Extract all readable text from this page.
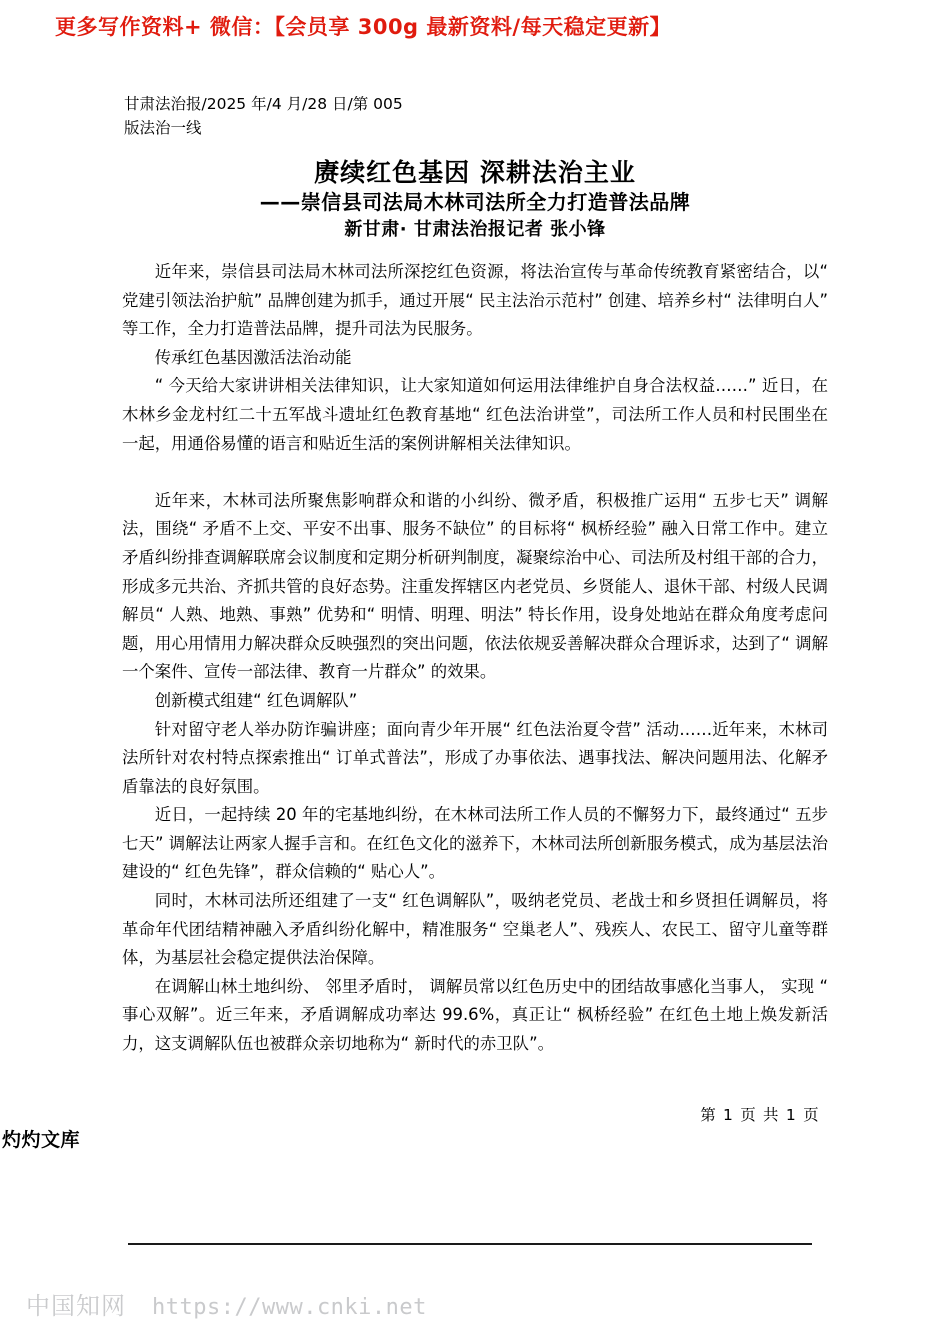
更多写作资料+ 微信：【会员享 300g 最新资料/每天稳定更新】
甘肃法治报/2025 年/4 月/28 日/第 005
版法治一线
赓续红色基因 深耕法治主业
——崇信县司法局木林司法所全力打造普法品牌
新甘肃· 甘肃法治报记者 张小锋

近年来，崇信县司法局木林司法所深挖红色资源，将法治宣传与革命传统教育紧密结合，以“ 党建引领法治护航” 品牌创建为抓手，通过开展“ 民主法治示范村” 创建、培养乡村“ 法律明白人” 等工作，全力打造普法品牌，提升司法为民服务。

传承红色基因激活法治动能

“ 今天给大家讲讲相关法律知识，让大家知道如何运用法律维护自身合法权益……” 近日，在木林乡金龙村红二十五军战斗遗址红色教育基地“ 红色法治讲堂”，司法所工作人员和村民围坐在一起，用通俗易懂的语言和贴近生活的案例讲解相关法律知识。

近年来，木林司法所聚焦影响群众和谐的小纠纷、微矛盾，积极推广运用“ 五步七天” 调解法，围绕“ 矛盾不上交、平安不出事、服务不缺位” 的目标将“ 枫桥经验” 融入日常工作中。建立矛盾纠纷排查调解联席会议制度和定期分析研判制度，凝聚综治中心、司法所及村组干部的合力，形成多元共治、齐抓共管的良好态势。注重发挥辖区内老党员、乡贤能人、退休干部、村级人民调解员“ 人熟、地熟、事熟” 优势和“ 明情、明理、明法” 特长作用，设身处地站在群众角度考虑问题，用心用情用力解决群众反映强烈的突出问题，依法依规妥善解决群众合理诉求，达到了“ 调解一个案件、宣传一部法律、教育一片群众” 的效果。

创新模式组建“ 红色调解队”

针对留守老人举办防诈骗讲座；面向青少年开展“ 红色法治夏令营” 活动……近年来，木林司法所针对农村特点探索推出“ 订单式普法”，形成了办事依法、遇事找法、解决问题用法、化解矛盾靠法的良好氛围。

近日，一起持续 20 年的宅基地纠纷，在木林司法所工作人员的不懈努力下，最终通过“ 五步七天” 调解法让两家人握手言和。在红色文化的滋养下，木林司法所创新服务模式，成为基层法治建设的“ 红色先锋”，群众信赖的“ 贴心人”。

同时，木林司法所还组建了一支“ 红色调解队”，吸纳老党员、老战士和乡贤担任调解员，将革命年代团结精神融入矛盾纠纷化解中，精准服务“ 空巢老人”、残疾人、农民工、留守儿童等群体，为基层社会稳定提供法治保障。

在调解山林土地纠纷、 邻里矛盾时， 调解员常以红色历史中的团结故事感化当事人， 实现 “ 事心双解”。近三年来，矛盾调解成功率达 99.6%，真正让“ 枫桥经验” 在红色土地上焕发新活力，这支调解队伍也被群众亲切地称为“ 新时代的赤卫队”。

第 1 页 共 1 页
灼灼文库
中国知网 https://www.cnki.net
